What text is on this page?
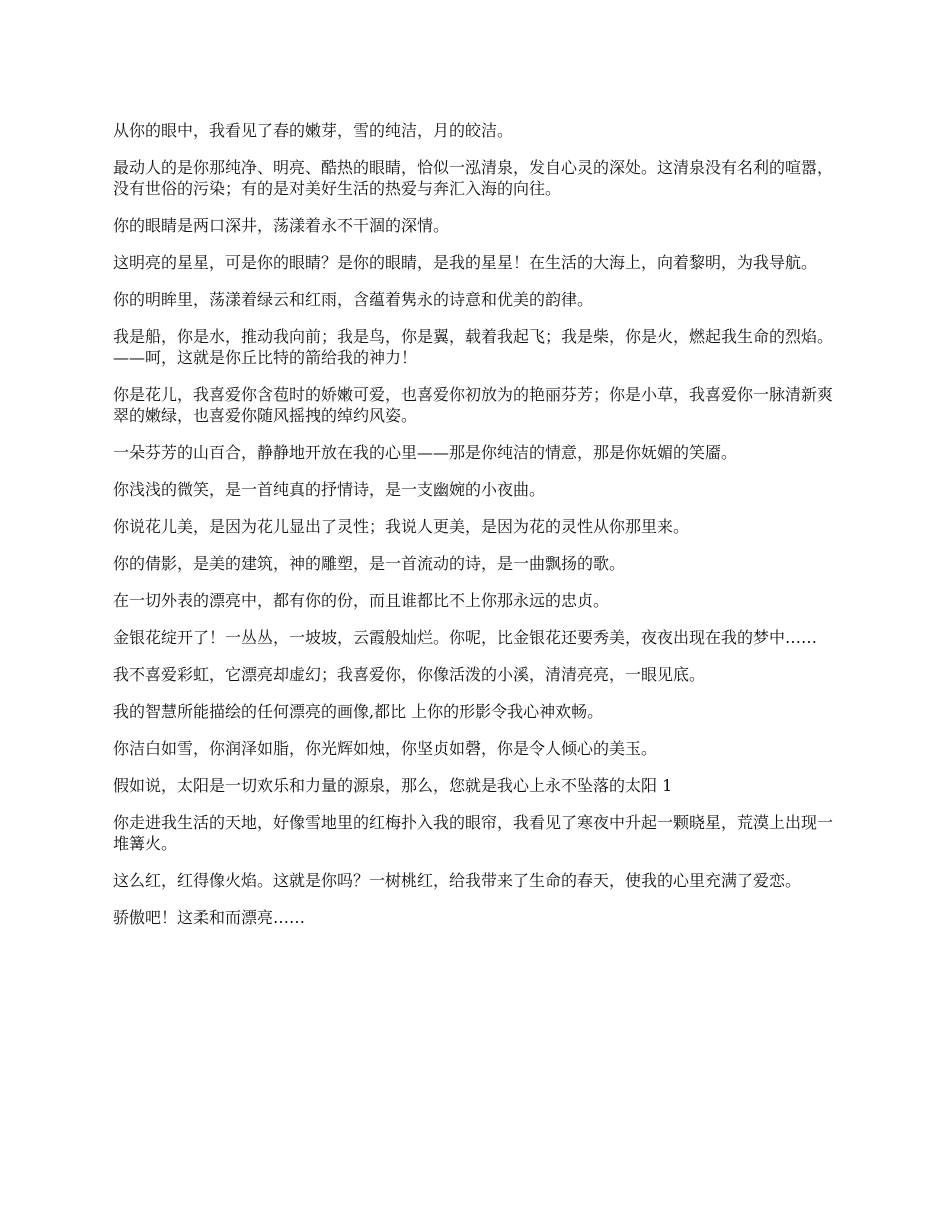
从你的眼中，我看见了春的嫩芽，雪的纯洁，月的皎洁。

最动人的是你那纯净、明亮、酷热的眼睛，恰似一泓清泉，发自心灵的深处。这清泉没有名利的喧嚣，没有世俗的污染；有的是对美好生活的热爱与奔汇入海的向往。

你的眼睛是两口深井，荡漾着永不干涸的深情。

这明亮的星星，可是你的眼睛？是你的眼睛，是我的星星！在生活的大海上，向着黎明，为我导航。

你的明眸里，荡漾着绿云和红雨，含蕴着隽永的诗意和优美的韵律。

我是船，你是水，推动我向前；我是鸟，你是翼，载着我起飞；我是柴，你是火，燃起我生命的烈焰。——呵，这就是你丘比特的箭给我的神力！

你是花儿，我喜爱你含苞时的娇嫩可爱，也喜爱你初放为的艳丽芬芳；你是小草，我喜爱你一脉清新爽翠的嫩绿，也喜爱你随风摇拽的绰约风姿。

一朵芬芳的山百合，静静地开放在我的心里——那是你纯洁的情意，那是你妩媚的笑靥。

你浅浅的微笑，是一首纯真的抒情诗，是一支幽婉的小夜曲。

你说花儿美，是因为花儿显出了灵性；我说人更美，是因为花的灵性从你那里来。

你的倩影，是美的建筑，神的雕塑，是一首流动的诗，是一曲飘扬的歌。

在一切外表的漂亮中，都有你的份，而且谁都比不上你那永远的忠贞。

金银花绽开了！一丛丛，一坡坡，云霞般灿烂。你呢，比金银花还要秀美，夜夜出现在我的梦中……

我不喜爱彩虹，它漂亮却虚幻；我喜爱你，你像活泼的小溪，清清亮亮，一眼见底。

我的智慧所能描绘的任何漂亮的画像,都比 上你的形影令我心神欢畅。

你洁白如雪，你润泽如脂，你光辉如烛，你坚贞如磬，你是令人倾心的美玉。

假如说，太阳是一切欢乐和力量的源泉，那么，您就是我心上永不坠落的太阳 1

你走进我生活的天地，好像雪地里的红梅扑入我的眼帘，我看见了寒夜中升起一颗晓星，荒漠上出现一堆篝火。

这么红，红得像火焰。这就是你吗？一树桃红，给我带来了生命的春天，使我的心里充满了爱恋。

骄傲吧！这柔和而漂亮……
